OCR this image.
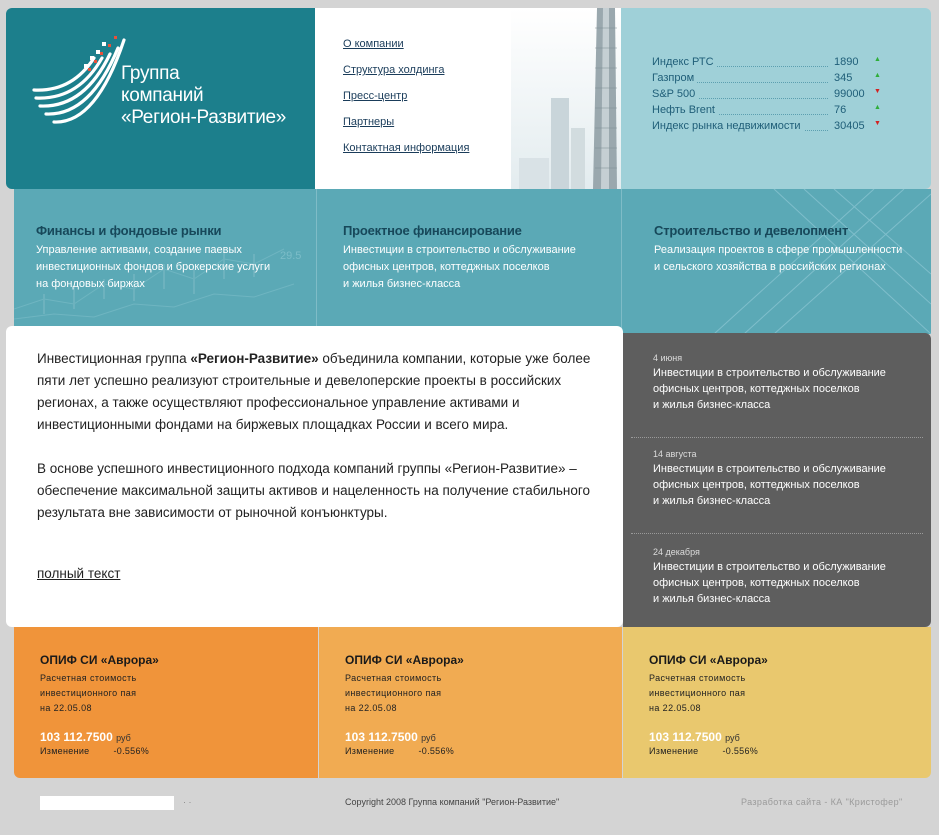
Группа
компаний
«Регион-Развитие»
О компании
Структура холдинга
Пресс-центр
Партнеры
Контактная информация
Индекс РТС	1890 ▲
Газпром	345	▲
S&P 500	99000 ▼
Нефть Brent	76	▲
Индекс рынка недвижимости	30405 ▼
29.5
Финансы и фондовые рынки

Управление активами, создание паевых

инвестиционных фондов и брокерские услуги

на фондовых биржах

Проектное финансирование

Инвестиции в строительство и обслуживание

офисных центров, коттеджных поселков

и жилья бизнес-класса

Строительство и девелопмент

Реализация проектов в сфере промышленности

и сельского хозяйства в российских регионах

Инвестиционная группа «Регион-Развитие» объединила компании, которые уже более пяти лет успешно реализуют строительные и девелоперские проекты в российских регионах, а также осуществляют профессиональное управление активами и инвестиционными фондами на биржевых площадках России и всего мира.

В основе успешного инвестиционного подхода компаний группы «Регион-Развитие» – обеспечение максимальной защиты активов и нацеленность на получение стабильного результата вне зависимости от рыночной конъюнктуры.

полный текст
4 июня
Инвестиции в строительство и обслуживание
офисных центров, коттеджных поселков
и жилья бизнес-класса
14 августа
Инвестиции в строительство и обслуживание
офисных центров, коттеджных поселков
и жилья бизнес-класса
24 декабря
Инвестиции в строительство и обслуживание
офисных центров, коттеджных поселков
и жилья бизнес-класса
ОПИФ СИ «Аврора»
Расчетная стоимость
инвестиционного пая
на 22.05.08
103 112.7500 руб
Изменение	-0.556%
ОПИФ СИ «Аврора»
Расчетная стоимость
инвестиционного пая
на 22.05.08
103 112.7500 руб
Изменение	-0.556%
ОПИФ СИ «Аврора»
Расчетная стоимость
инвестиционного пая
на 22.05.08
103 112.7500 руб
Изменение	-0.556%
· ·	Copyright 2008 Группа компаний "Регион-Развитие"	Разработка сайта - КА "Кристофер"
